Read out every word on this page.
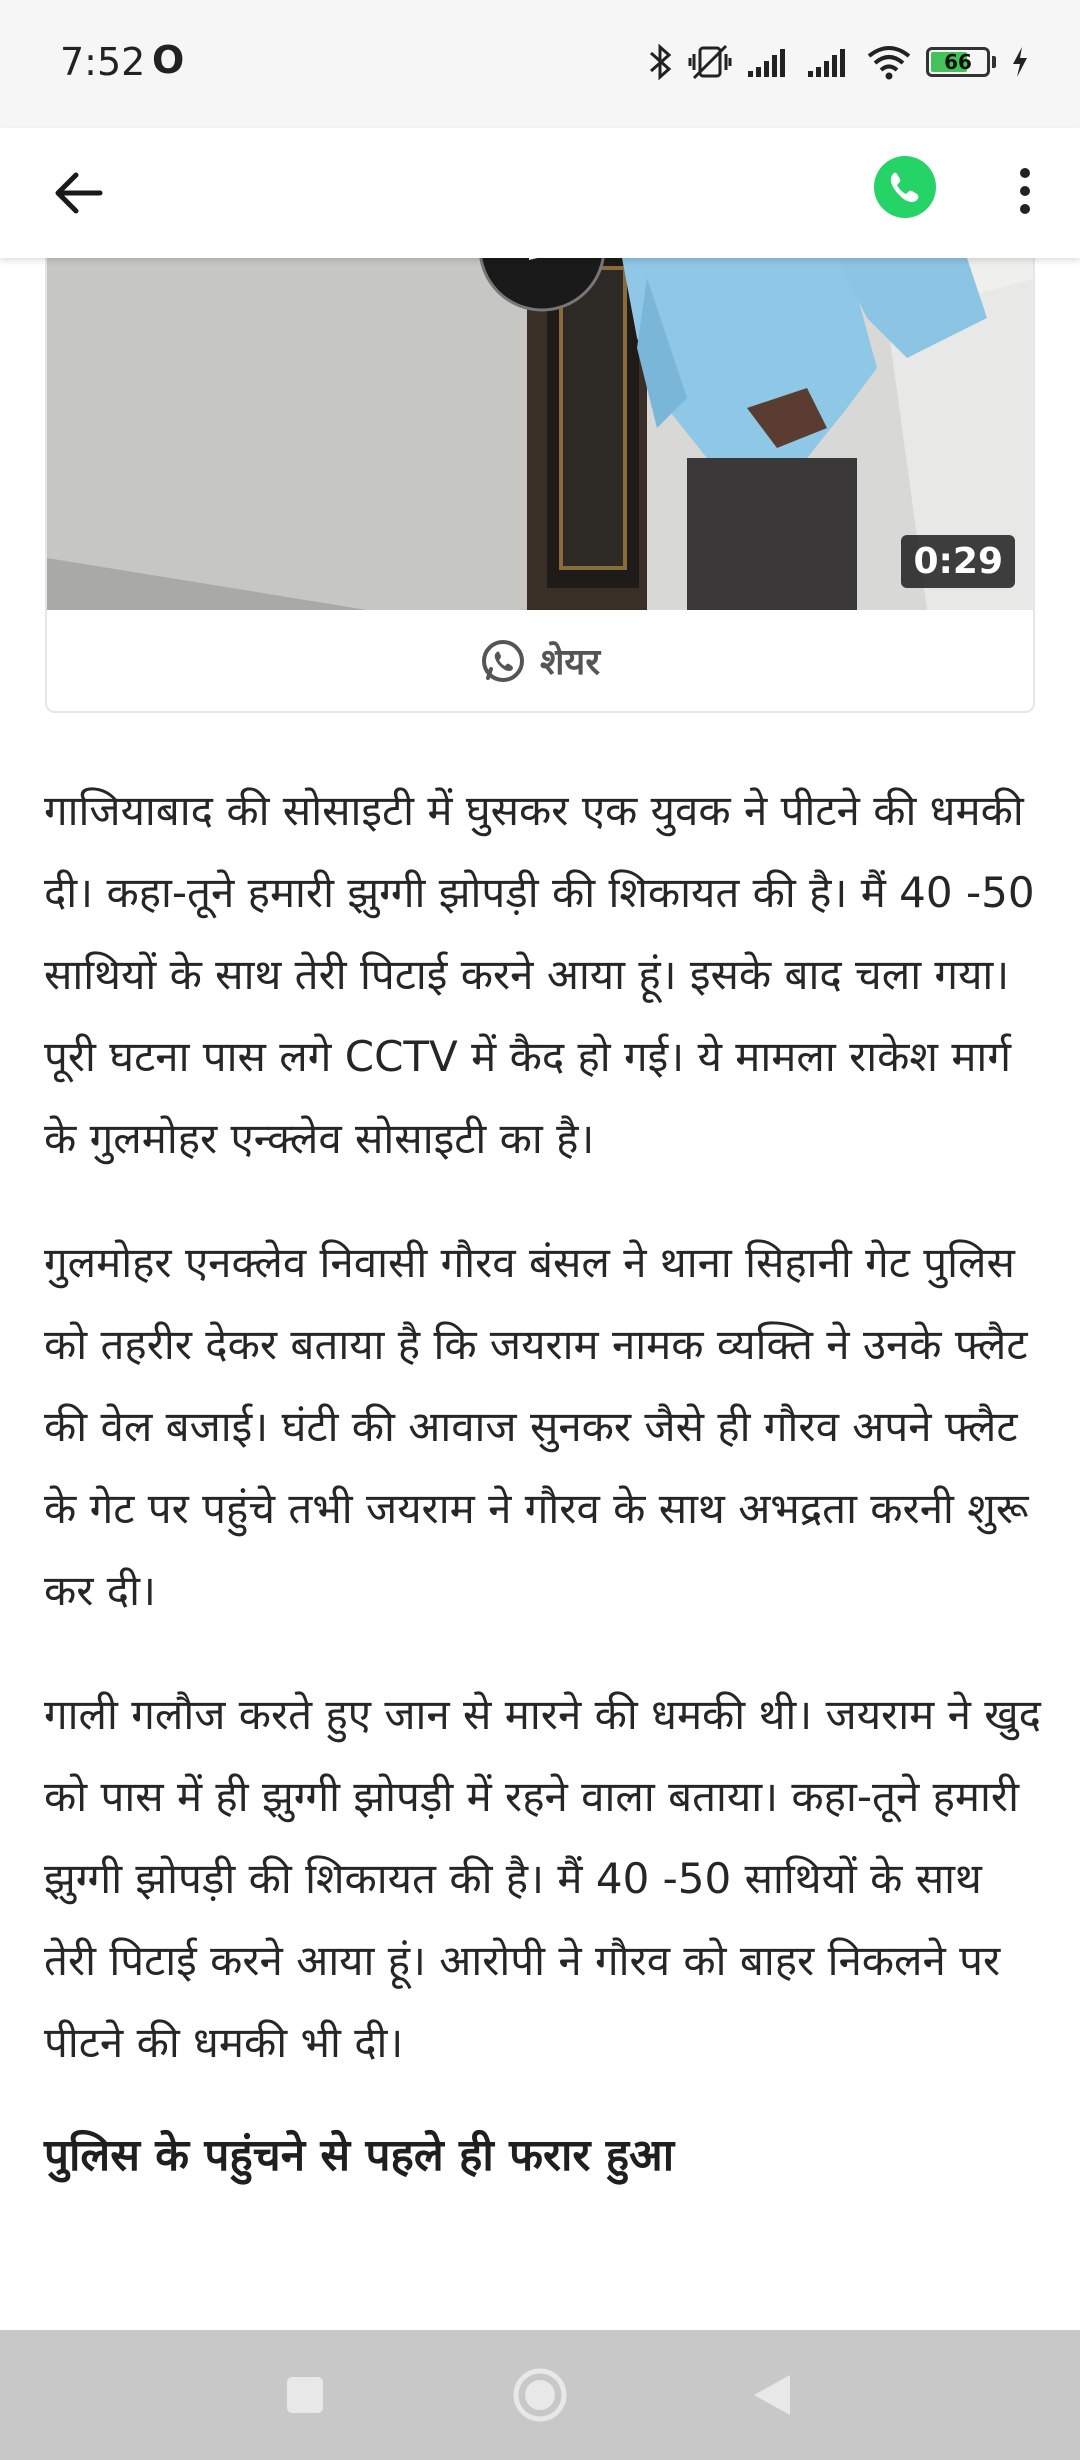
7:52 O	66
0:29
शेयर

गाजियाबाद की सोसाइटी में घुसकर एक युवक ने पीटने की धमकी दी। कहा-तूने हमारी झुग्गी झोपड़ी की शिकायत की है। मैं 40 -50 साथियों के साथ तेरी पिटाई करने आया हूं। इसके बाद चला गया। पूरी घटना पास लगे CCTV में कैद हो गई। ये मामला राकेश मार्ग के गुलमोहर एन्क्लेव सोसाइटी का है।

गुलमोहर एनक्लेव निवासी गौरव बंसल ने थाना सिहानी गेट पुलिस को तहरीर देकर बताया है कि जयराम नामक व्यक्ति ने उनके फ्लैट की वेल बजाई। घंटी की आवाज सुनकर जैसे ही गौरव अपने फ्लैट के गेट पर पहुंचे तभी जयराम ने गौरव के साथ अभद्रता करनी शुरू कर दी।

गाली गलौज करते हुए जान से मारने की धमकी थी। जयराम ने खुद को पास में ही झुग्गी झोपड़ी में रहने वाला बताया। कहा-तूने हमारी झुग्गी झोपड़ी की शिकायत की है। मैं 40 -50 साथियों के साथ तेरी पिटाई करने आया हूं। आरोपी ने गौरव को बाहर निकलने पर पीटने की धमकी भी दी।

पुलिस के पहुंचने से पहले ही फरार हुआ
